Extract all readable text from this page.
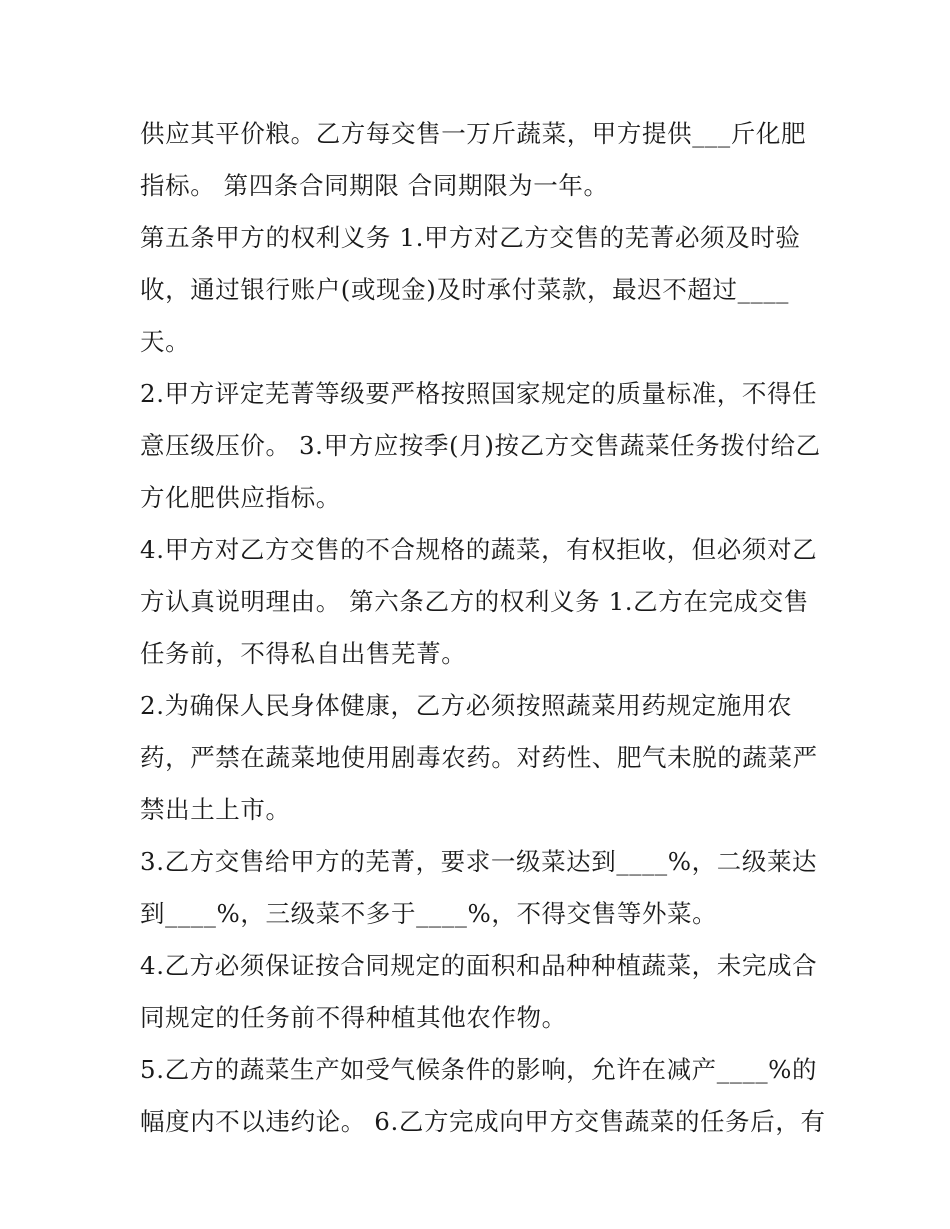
供应其平价粮。乙方每交售一万斤蔬菜，甲方提供___斤化肥
指标。 第四条合同期限 合同期限为一年。
第五条甲方的权利义务 1.甲方对乙方交售的芜菁必须及时验
收，通过银行账户(或现金)及时承付菜款，最迟不超过____
天。
2.甲方评定芜菁等级要严格按照国家规定的质量标准，不得任
意压级压价。 3.甲方应按季(月)按乙方交售蔬菜任务拨付给乙
方化肥供应指标。
4.甲方对乙方交售的不合规格的蔬菜，有权拒收，但必须对乙
方认真说明理由。 第六条乙方的权利义务 1.乙方在完成交售
任务前，不得私自出售芜菁。
2.为确保人民身体健康，乙方必须按照蔬菜用药规定施用农
药，严禁在蔬菜地使用剧毒农药。对药性、肥气未脱的蔬菜严
禁出土上市。
3.乙方交售给甲方的芜菁，要求一级菜达到____%，二级莱达
到____%，三级菜不多于____%，不得交售等外菜。
4.乙方必须保证按合同规定的面积和品种种植蔬菜，未完成合
同规定的任务前不得种植其他农作物。
5.乙方的蔬菜生产如受气候条件的影响，允许在减产____%的
幅度内不以违约论。 6.乙方完成向甲方交售蔬菜的任务后，有
